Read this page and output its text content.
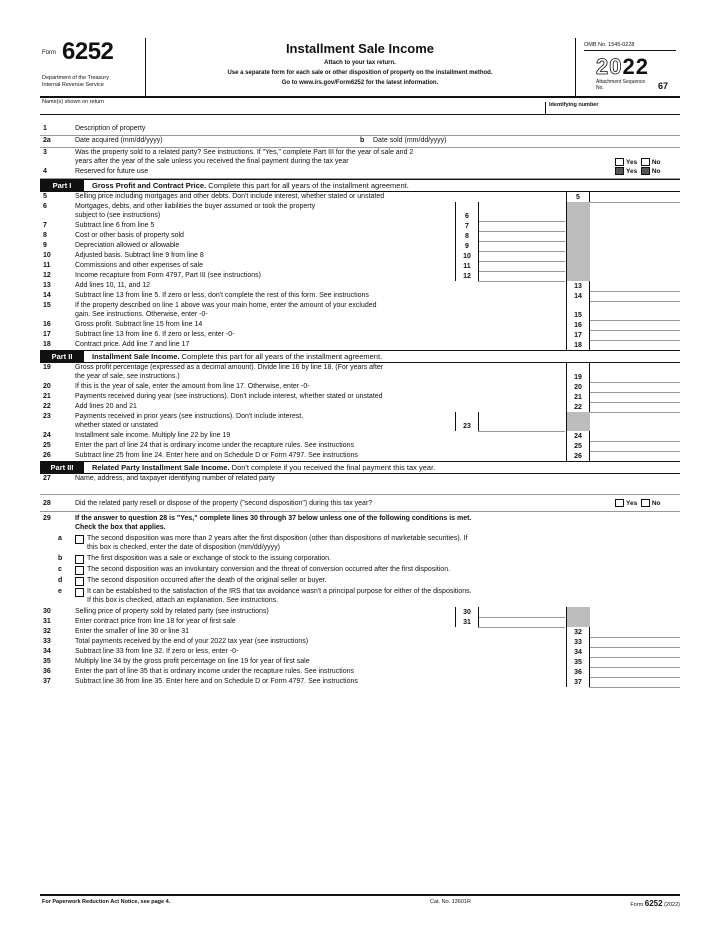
Form 6252
Department of the Treasury
Internal Revenue Service
Installment Sale Income
Attach to your tax return.
Use a separate form for each sale or other disposition of property on the installment method.
Go to www.irs.gov/Form6252 for the latest information.
OMB No. 1545-0228
2022
Attachment Sequence No.	67
Name(s) shown on return	Identifying number
1	Description of property
2a	Date acquired (mm/dd/yyyy)	b Date sold (mm/dd/yyyy)
3	Was the property sold to a related party? See instructions. If "Yes," complete Part III for the year of sale and 2
years after the year of the sale unless you received the final payment during the tax year	Yes No
4	Reserved for future use	Yes No
Part I	Gross Profit and Contract Price. Complete this part for all years of the installment agreement.
5	Selling price including mortgages and other debts. Don't include interest, whether stated or unstated	5
6	Mortgages, debts, and other liabilities the buyer assumed or took the property
subject to (see instructions)	6
7	Subtract line 6 from line 5	7
8	Cost or other basis of property sold	8
9	Depreciation allowed or allowable	9
10	Adjusted basis. Subtract line 9 from line 8	10
11	Commissions and other expenses of sale	11
12	Income recapture from Form 4797, Part III (see instructions)	12
13	Add lines 10, 11, and 12	13
14	Subtract line 13 from line 5. If zero or less, don't complete the rest of this form. See instructions	14
15	If the property described on line 1 above was your main home, enter the amount of your excluded
gain. See instructions. Otherwise, enter -0-	15
16	Gross profit. Subtract line 15 from line 14	16
17	Subtract line 13 from line 6. If zero or less, enter -0-	17
18	Contract price. Add line 7 and line 17	18
Part II	Installment Sale Income. Complete this part for all years of the installment agreement.
19	Gross profit percentage (expressed as a decimal amount). Divide line 16 by line 18. (For years after
the year of sale, see instructions.)	19
20	If this is the year of sale, enter the amount from line 17. Otherwise, enter -0-	20
21	Payments received during year (see instructions). Don't include interest, whether stated or unstated	21
22	Add lines 20 and 21	22
23	Payments received in prior years (see instructions). Don't include interest,
whether stated or unstated	23
24	Installment sale income. Multiply line 22 by line 19	24
25	Enter the part of line 24 that is ordinary income under the recapture rules. See instructions	25
26	Subtract line 25 from line 24. Enter here and on Schedule D or Form 4797. See instructions	26
Part III	Related Party Installment Sale Income. Don't complete if you received the final payment this tax year.
27	Name, address, and taxpayer identifying number of related party
28	Did the related party resell or dispose of the property ("second disposition") during this tax year?	Yes No
29	If the answer to question 28 is "Yes," complete lines 30 through 37 below unless one of the following conditions is met.
Check the box that applies.
a	The second disposition was more than 2 years after the first disposition (other than dispositions of marketable securities). If
this box is checked, enter the date of disposition (mm/dd/yyyy)
b	The first disposition was a sale or exchange of stock to the issuing corporation.
c	The second disposition was an involuntary conversion and the threat of conversion occurred after the first disposition.
d	The second disposition occurred after the death of the original seller or buyer.
e	It can be established to the satisfaction of the IRS that tax avoidance wasn't a principal purpose for either of the dispositions.
If this box is checked, attach an explanation. See instructions.
30	Selling price of property sold by related party (see instructions)	30
31	Enter contract price from line 18 for year of first sale	31
32	Enter the smaller of line 30 or line 31	32
33	Total payments received by the end of your 2022 tax year (see instructions)	33
34	Subtract line 33 from line 32. If zero or less, enter -0-	34
35	Multiply line 34 by the gross profit percentage on line 19 for year of first sale	35
36	Enter the part of line 35 that is ordinary income under the recapture rules. See instructions	36
37	Subtract line 36 from line 35. Enter here and on Schedule D or Form 4797. See instructions	37
For Paperwork Reduction Act Notice, see page 4.	Cat. No. 13601R	Form 6252 (2022)
